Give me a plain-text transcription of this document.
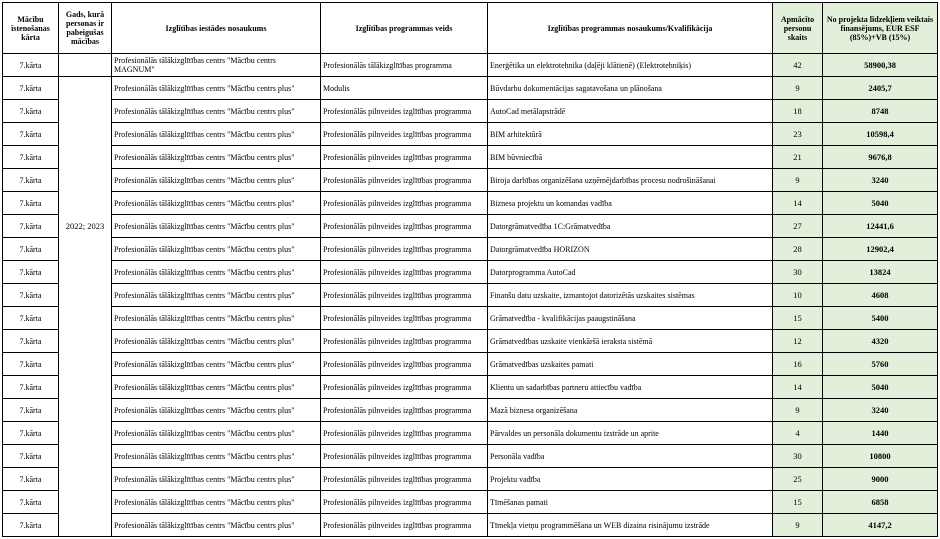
Mācību īstenošanas kārta	Gads, kurā personas ir pabeigušas mācības	Izglītības iestādes nosaukums	Izglītības programmas veids	Izglītības programmas nosaukums/Kvalifikācija	Apmācīto personu skaits	No projekta līdzekļiem veiktais finansējums, EUR ESF (85%)+VB (15%)
7.kārta		Profesionālās tālākizglītības centrs "Mācību centrs MAGNUM"	Profesionālās tālākizglītības programma	Enerģētika un elektrotehnika (daļēji klātienē) (Elektrotehniķis)	42	58900,38
7.kārta	2022; 2023	Profesionālās tālākizglītības centrs "Mācību centrs plus"	Modulis	Būvdarbu dokumentācijas sagatavošana un plānošana	9	2405,7
7.kārta		Profesionālās tālākizglītības centrs "Mācību centrs plus"	Profesionālās pilnveides izglītības programma	AutoCad metālapstrādē	18	8748
7.kārta		Profesionālās tālākizglītības centrs "Mācību centrs plus"	Profesionālās pilnveides izglītības programma	BIM arhitektūrā	23	10598,4
7.kārta		Profesionālās tālākizglītības centrs "Mācību centrs plus"	Profesionālās pilnveides izglītības programma	BIM būvniecībā	21	9676,8
7.kārta		Profesionālās tālākizglītības centrs "Mācību centrs plus"	Profesionālās pilnveides izglītības programma	Biroja darbības organizēšana uzņēmējdarbības procesu nodrošināšanai	9	3240
7.kārta		Profesionālās tālākizglītības centrs "Mācību centrs plus"	Profesionālās pilnveides izglītības programma	Biznesa projektu un komandas vadība	14	5040
7.kārta		Profesionālās tālākizglītības centrs "Mācību centrs plus"	Profesionālās pilnveides izglītības programma	Datorgrāmatvedība 1C:Grāmatvedība	27	12441,6
7.kārta		Profesionālās tālākizglītības centrs "Mācību centrs plus"	Profesionālās pilnveides izglītības programma	Datorgrāmatvedība HORIZON	28	12902,4
7.kārta		Profesionālās tālākizglītības centrs "Mācību centrs plus"	Profesionālās pilnveides izglītības programma	Datorprogramma AutoCad	30	13824
7.kārta		Profesionālās tālākizglītības centrs "Mācību centrs plus"	Profesionālās pilnveides izglītības programma	Finanšu datu uzskaite, izmantojot datorizētās uzskaites sistēmas	10	4608
7.kārta		Profesionālās tālākizglītības centrs "Mācību centrs plus"	Profesionālās pilnveides izglītības programma	Grāmatvedība - kvalifikācijas paaugstināšana	15	5400
7.kārta		Profesionālās tālākizglītības centrs "Mācību centrs plus"	Profesionālās pilnveides izglītības programma	Grāmatvedības uzskaite vienkāršā ieraksta sistēmā	12	4320
7.kārta		Profesionālās tālākizglītības centrs "Mācību centrs plus"	Profesionālās pilnveides izglītības programma	Grāmatvedības uzskaites pamati	16	5760
7.kārta		Profesionālās tālākizglītības centrs "Mācību centrs plus"	Profesionālās pilnveides izglītības programma	Klientu un sadarbības partneru attiecību vadība	14	5040
7.kārta		Profesionālās tālākizglītības centrs "Mācību centrs plus"	Profesionālās pilnveides izglītības programma	Mazā biznesa organizēšana	9	3240
7.kārta		Profesionālās tālākizglītības centrs "Mācību centrs plus"	Profesionālās pilnveides izglītības programma	Pārvaldes un personāla dokumentu izstrāde un aprite	4	1440
7.kārta		Profesionālās tālākizglītības centrs "Mācību centrs plus"	Profesionālās pilnveides izglītības programma	Personāla vadība	30	10800
7.kārta		Profesionālās tālākizglītības centrs "Mācību centrs plus"	Profesionālās pilnveides izglītības programma	Projektu vadība	25	9000
7.kārta		Profesionālās tālākizglītības centrs "Mācību centrs plus"	Profesionālās pilnveides izglītības programma	Tīmēšanas pamati	15	6858
7.kārta		Profesionālās tālākizglītības centrs "Mācību centrs plus"	Profesionālās pilnveides izglītības programma	Tīmekļa vietņu programmēšana un WEB dizaina risinājumu izstrāde	9	4147,2
